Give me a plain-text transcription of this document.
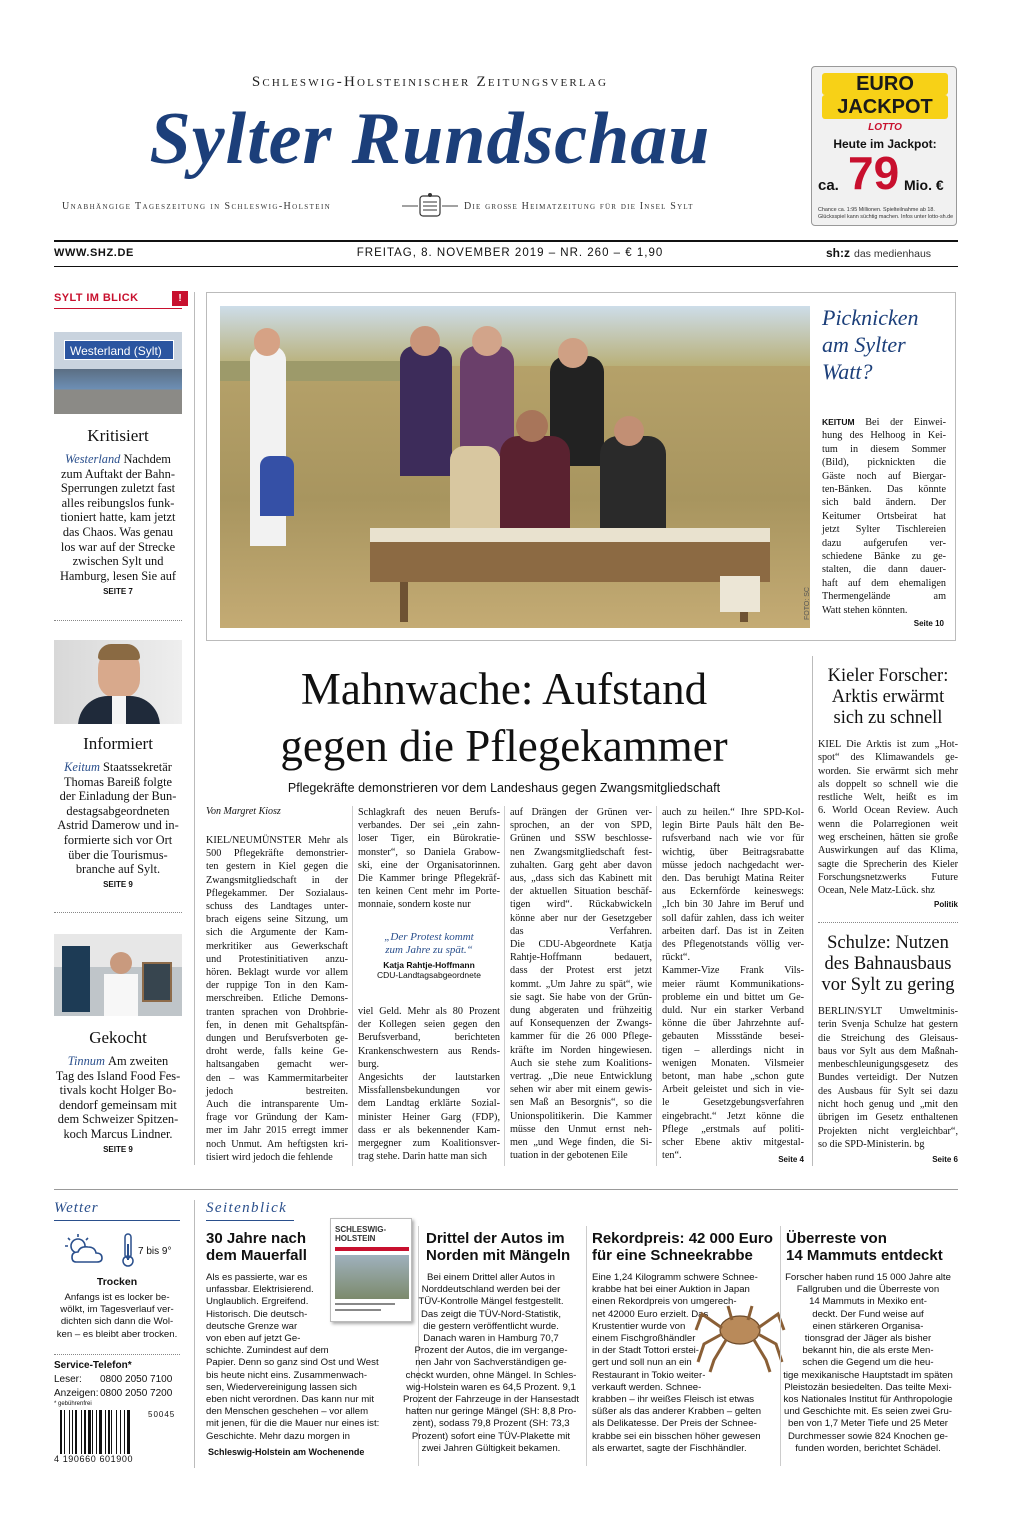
Schleswig-Holsteinischer Zeitungsverlag
Sylter Rundschau
Unabhängige Tageszeitung in Schleswig-Holstein	Die große Heimatzeitung für die Insel Sylt
EURO
JACKPOT
LOTTO
Heute im Jackpot:
ca. 79 Mio. €
Chance ca. 1:95 Millionen. Spielteilnahme ab 18. Glücksspiel kann süchtig machen. Infos unter lotto-sh.de
WWW.SHZ.DE	FREITAG, 8. NOVEMBER 2019 – NR. 260 – € 1,90	sh:z das medienhaus
SYLT IM BLICK	!
Westerland (Sylt)
Kritisiert
Westerland Nachdem
zum Auftakt der Bahn-
Sperrungen zuletzt fast
alles reibungslos funk-
tioniert hatte, kam jetzt
das Chaos. Was genau
los war auf der Strecke
zwischen Sylt und
Hamburg, lesen Sie auf
SEITE 7
Informiert
Keitum Staatssekretär
Thomas Bareiß folgte
der Einladung der Bun-
destagsabgeordneten
Astrid Damerow und in-
formierte sich vor Ort
über die Tourismus-
branche auf Sylt.
SEITE 9
Gekocht
Tinnum Am zweiten
Tag des Island Food Fes-
tivals kocht Holger Bo-
dendorf gemeinsam mit
dem Schweizer Spitzen-
koch Marcus Lindner.
SEITE 9
FOTO: SC
Picknicken
am Sylter
Watt?
KEITUM Bei der Einwei-
hung des Helhoog in Kei-
tum in diesem Sommer
(Bild), picknickten die
Gäste noch auf Biergar-
ten-Bänken. Das könnte
sich bald ändern. Der
Keitumer Ortsbeirat hat
jetzt Sylter Tischlereien
dazu aufgerufen ver-
schiedene Bänke zu ge-
stalten, die dann dauer-
haft auf dem ehemaligen
Thermengelände am
Watt stehen könnten.
Seite 10
Mahnwache: Aufstand
gegen die Pflegekammer
Pflegekräfte demonstrieren vor dem Landeshaus gegen Zwangsmitgliedschaft
Von Margret Kiosz
KIEL/NEUMÜNSTER Mehr als
500 Pflegekräfte demonstrier-
ten gestern in Kiel gegen die
Zwangsmitgliedschaft in der
Pflegekammer. Der Sozialaus-
schuss des Landtages unter-
brach eigens seine Sitzung, um
sich die Argumente der Kam-
merkritiker aus Gewerkschaft
und Protestinitiativen anzu-
hören. Beklagt wurde vor allem
der ruppige Ton in den Kam-
merschreiben. Etliche Demons-
tranten sprachen von Drohbrie-
fen, in denen mit Gehaltspfän-
dungen und Berufsverboten ge-
droht werde, falls keine Ge-
haltsangaben gemacht wer-
den – was Kammermitarbeiter
jedoch bestreiten.
Auch die intransparente Um-
frage vor Gründung der Kam-
mer im Jahr 2015 erregt immer
noch Unmut. Am heftigsten kri-
tisiert wird jedoch die fehlende
Schlagkraft des neuen Berufs-
verbandes. Der sei „ein zahn-
loser Tiger, ein Bürokratie-
monster“, so Daniela Grabow-
ski, eine der Organisatorinnen.
Die Kammer bringe Pflegekräf-
ten keinen Cent mehr im Porte-
monnaie, sondern koste nur
„Der Protest kommt
zum Jahre zu spät.“
Katja Rahtje-Hoffmann
CDU-Landtagsabgeordnete
viel Geld. Mehr als 80 Prozent
der Kollegen seien gegen den
Berufsverband, berichteten
Krankenschwestern aus Rends-
burg.
Angesichts der lautstarken
Missfallensbekundungen vor
dem Landtag erklärte Sozial-
minister Heiner Garg (FDP),
dass er als bekennender Kam-
mergegner zum Koalitionsver-
trag stehe. Darin hatte man sich
auf Drängen der Grünen ver-
sprochen, an der von SPD,
Grünen und SSW beschlosse-
nen Zwangsmitgliedschaft fest-
zuhalten. Garg geht aber davon
aus, „dass sich das Kabinett mit
der aktuellen Situation beschäf-
tigen wird“. Rückabwickeln
könne aber nur der Gesetzgeber
das Verfahren.
Die CDU-Abgeordnete Katja
Rahtje-Hoffmann bedauert,
dass der Protest erst jetzt
kommt. „Um Jahre zu spät“, wie
sie sagt. Sie habe von der Grün-
dung abgeraten und frühzeitig
auf Konsequenzen der Zwangs-
kammer für die 26 000 Pflege-
kräfte im Norden hingewiesen.
Auch sie stehe zum Koalitions-
vertrag. „Die neue Entwicklung
sehen wir aber mit einem gewis-
sen Maß an Besorgnis“, so die
Unionspolitikerin. Die Kammer
müsse den Unmut ernst neh-
men „und Wege finden, die Si-
tuation in der gebotenen Eile
auch zu heilen.“ Ihre SPD-Kol-
legin Birte Pauls hält den Be-
rufsverband nach wie vor für
wichtig, über Beitragsrabatte
müsse jedoch nachgedacht wer-
den. Das beruhigt Matina Reiter
aus Eckernförde keineswegs:
„Ich bin 30 Jahre im Beruf und
soll dafür zahlen, dass ich weiter
arbeiten darf. Das ist in Zeiten
des Pflegenotstands völlig ver-
rückt“.
Kammer-Vize Frank Vils-
meier räumt Kommunikations-
probleme ein und bittet um Ge-
duld. Nur ein starker Verband
könne die über Jahrzehnte auf-
gebauten Missstände besei-
tigen – allerdings nicht in
wenigen Monaten. Vilsmeier
betont, man habe „schon gute
Arbeit geleistet und sich in vie-
le Gesetzgebungsverfahren
eingebracht.“ Jetzt könne die
Pflege „erstmals auf politi-
scher Ebene aktiv mitgestal-
ten“.	Seite 4
Kieler Forscher:
Arktis erwärmt
sich zu schnell
KIEL Die Arktis ist zum „Hot-
spot“ des Klimawandels ge-
worden. Sie erwärmt sich mehr
als doppelt so schnell wie die
restliche Welt, heißt es im
6. World Ocean Review. Auch
wenn die Polarregionen weit
weg erscheinen, hätten sie große
Auswirkungen auf das Klima,
sagte die Sprecherin des Kieler
Forschungsnetzwerks Future
Ocean, Nele Matz-Lück. shz
Politik
Schulze: Nutzen
des Bahnausbaus
vor Sylt zu gering
BERLIN/SYLT Umweltminis-
terin Svenja Schulze hat gestern
die Streichung des Gleisaus-
baus vor Sylt aus dem Maßnah-
menbeschleunigungsgesetz des
Bundes verteidigt. Der Nutzen
des Ausbaus für Sylt sei dazu
nicht hoch genug und „mit den
übrigen im Gesetz enthaltenen
Projekten nicht vergleichbar“,
so die SPD-Ministerin. bg
Seite 6
Wetter
7 bis 9°
Trocken
Anfangs ist es locker be-
wölkt, im Tagesverlauf ver-
dichten sich dann die Wol-
ken – es bleibt aber trocken.
Service-Telefon*
Leser: 0800 2050 7100
Anzeigen: 0800 2050 7200
* gebührenfrei
50045
4 190660 601900
Seitenblick
30 Jahre nach
dem Mauerfall
Als es passierte, war es
unfassbar. Elektrisierend.
Unglaublich. Ergreifend.
Historisch. Die deutsch-
deutsche Grenze war
von eben auf jetzt Ge-
schichte. Zumindest auf dem
Papier. Denn so ganz sind Ost und West
bis heute nicht eins. Zusammenwach-
sen, Wiedervereinigung lassen sich
eben nicht verordnen. Das kann nur mit
den Menschen geschehen – vor allem
mit jenen, für die die Mauer nur eines ist:
Geschichte. Mehr dazu morgen in
Schleswig-Holstein am Wochenende
SCHLESWIG-HOLSTEIN	Drittel der Autos im
Norden mit Mängeln
Bei einem Drittel aller Autos in
Norddeutschland werden bei der
TÜV-Kontrolle Mängel festgestellt.
Das zeigt die TÜV-Nord-Statistik,
die gestern veröffentlicht wurde.
Danach waren in Hamburg 70,7
Prozent der Autos, die im vergange-
nen Jahr von Sachverständigen ge-
checkt wurden, ohne Mängel. In Schles-
wig-Holstein waren es 64,5 Prozent. 9,1
Prozent der Fahrzeuge in der Hansestadt
hatten nur geringe Mängel (SH: 8,8 Pro-
zent), sodass 79,8 Prozent (SH: 73,3
Prozent) sofort eine TÜV-Plakette mit
zwei Jahren Gültigkeit bekamen.
Rekordpreis: 42 000 Euro
für eine Schneekrabbe
Eine 1,24 Kilogramm schwere Schnee-
krabbe hat bei einer Auktion in Japan
einen Rekordpreis von umgerech-
net 42000 Euro erzielt. Das
Krustentier wurde von
einem Fischgroßhändler
in der Stadt Tottori erstei-
gert und soll nun an ein
Restaurant in Tokio weiter-
verkauft werden. Schnee-
krabben – ihr weißes Fleisch ist etwas
süßer als das anderer Krabben – gelten
als Delikatesse. Der Preis der Schnee-
krabbe sei ein bisschen höher gewesen
als erwartet, sagte der Fischhändler.
Überreste von
14 Mammuts entdeckt
Forscher haben rund 15 000 Jahre alte
Fallgruben und die Überreste von
14 Mammuts in Mexiko ent-
deckt. Der Fund weise auf
einen stärkeren Organisa-
tionsgrad der Jäger als bisher
bekannt hin, die als erste Men-
schen die Gegend um die heu-
tige mexikanische Hauptstadt im späten
Pleistozän besiedelten. Das teilte Mexi-
kos Nationales Institut für Anthropologie
und Geschichte mit. Es seien zwei Gru-
ben von 1,7 Meter Tiefe und 25 Meter
Durchmesser sowie 824 Knochen ge-
funden worden, berichtet Schädel.
